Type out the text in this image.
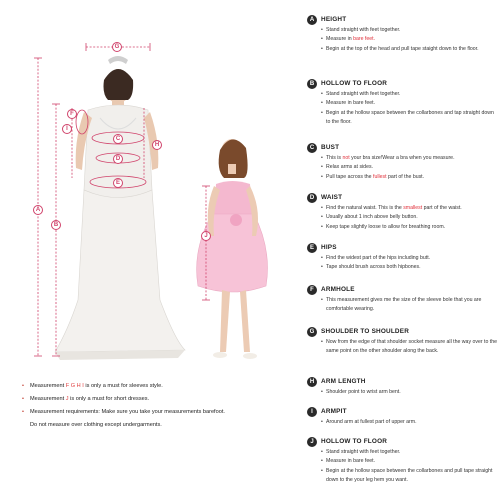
G
F
I
H
C
D
E
A
B
J
•	Measurement F G H I is only a must for sleeves style.
•	Measurement J is only a must for short dresses.
•	Measurement requirements: Make sure you take your measurements barefoot.
Do not measure over clothing except undergarments.
A	HEIGHT
• Stand straight with feet together.
• Measure in bare feet.
• Begin at the top of the head and pull tape staight down to the floor.
B	HOLLOW TO FLOOR
• Stand straight with feet together.
• Measure in bare feet.
• Begin at the hollow space between the collarbones and tap straight down to the floor.
C	BUST
• This is not your bra size!Wear a bra when you measure.
• Relax arms at sides.
• Pull tape across the fullest part of the bust.
D	WAIST
• Find the natural waist. This is the smallest part of the waist.
• Usually about 1 inch above belly button.
• Keep tape slightly loose to allow for breathing room.
E	HIPS
• Find the widest part of the hips including butt.
• Tape should brush across both hipbones.
F	ARMHOLE
• This measurement gives me the size of the sleeve bole that you are comfortable wearing.
G	SHOULDER TO SHOULDER
• Now from the edge of that shoulder socket measure all the way over to the same point on the other shoulder along the back.
H	ARM LENGTH
• Shoulder point to wrist arm bent.
I	ARMPIT
• Around arm at fullest part of upper arm.
J	HOLLOW TO FLOOR
• Stand straight with feet together.
• Measure in bare feet.
• Begin at the hollow space between the collarbones and pull tape straight down to the your leg hem you want.
